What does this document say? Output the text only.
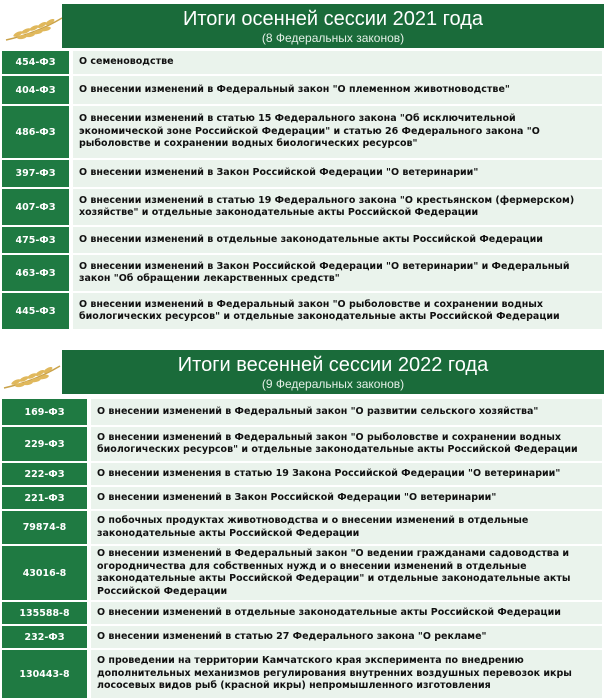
Итоги осенней сессии 2021 года
(8 Федеральных законов)
454-ФЗ	О семеноводстве
404-ФЗ	О внесении изменений в Федеральный закон "О племенном животноводстве"
486-ФЗ	О внесении изменений в статью 15 Федерального закона "Об исключительной экономической зоне Российской Федерации" и статью 26 Федерального закона "О рыболовстве и сохранении водных биологических ресурсов"
397-ФЗ	О внесении изменений в Закон Российской Федерации "О ветеринарии"
407-ФЗ	О внесении изменений в статью 19 Федерального закона "О крестьянском (фермерском) хозяйстве" и отдельные законодательные акты Российской Федерации
475-ФЗ	О внесении изменений в отдельные законодательные акты Российской Федерации
463-ФЗ	О внесении изменений в Закон Российской Федерации "О ветеринарии" и Федеральный закон "Об обращении лекарственных средств"
445-ФЗ	О внесении изменений в Федеральный закон "О рыболовстве и сохранении водных биологических ресурсов" и отдельные законодательные акты Российской Федерации
Итоги весенней сессии 2022 года
(9 Федеральных законов)
169-ФЗ	О внесении изменений в Федеральный закон "О развитии сельского хозяйства"
229-ФЗ	О внесении изменений в Федеральный закон "О рыболовстве и сохранении водных биологических ресурсов" и отдельные законодательные акты Российской Федерации
222-ФЗ	О внесении изменения в статью 19 Закона Российской Федерации "О ветеринарии"
221-ФЗ	О внесении изменений в Закон Российской Федерации "О ветеринарии"
79874-8	О побочных продуктах животноводства и о внесении изменений в отдельные законодательные акты Российской Федерации
43016-8	О внесении изменений в Федеральный закон "О ведении гражданами садоводства и огородничества для собственных нужд и о внесении изменений в отдельные законодательные акты Российской Федерации" и отдельные законодательные акты Российской Федерации
135588-8	О внесении изменений в отдельные законодательные акты Российской Федерации
232-ФЗ	О внесении изменений в статью 27 Федерального закона "О рекламе"
130443-8	О проведении на территории Камчатского края эксперимента по внедрению дополнительных механизмов регулирования внутренних воздушных перевозок икры лососевых видов рыб (красной икры) непромышленного изготовления
